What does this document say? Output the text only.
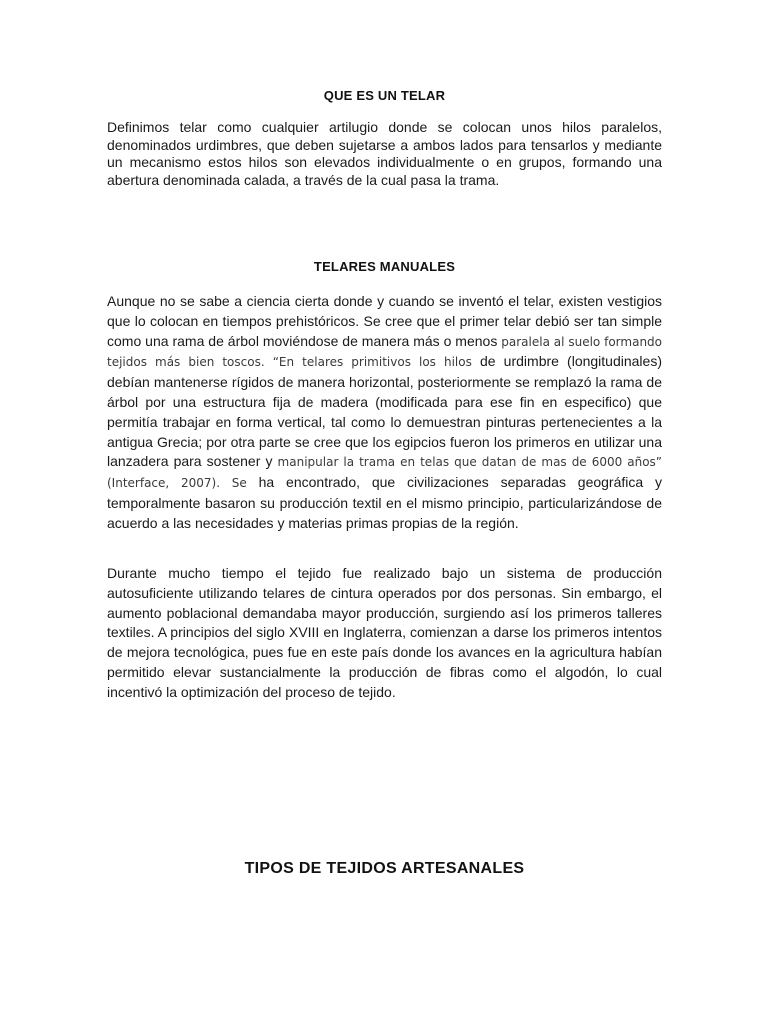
QUE ES UN TELAR
Definimos telar como cualquier artilugio donde se colocan unos hilos paralelos, denominados urdimbres, que deben sujetarse a ambos lados para tensarlos y mediante un mecanismo estos hilos son elevados individualmente o en grupos, formando una abertura denominada calada, a través de la cual pasa la trama.
TELARES MANUALES
Aunque no se sabe a ciencia cierta donde y cuando se inventó el telar, existen vestigios que lo colocan en tiempos prehistóricos. Se cree que el primer telar debió ser tan simple como una rama de árbol moviéndose de manera más o menos paralela al suelo formando tejidos más bien toscos. “En telares primitivos los hilos de urdimbre (longitudinales) debían mantenerse rígidos de manera horizontal, posteriormente se remplazó la rama de árbol por una estructura fija de madera (modificada para ese fin en especifico) que permitía trabajar en forma vertical, tal como lo demuestran pinturas pertenecientes a la antigua Grecia; por otra parte se cree que los egipcios fueron los primeros en utilizar una lanzadera para sostener y manipular la trama en telas que datan de mas de 6000 años” (Interface, 2007). Se ha encontrado, que civilizaciones separadas geográfica y temporalmente basaron su producción textil en el mismo principio, particularizándose de acuerdo a las necesidades y materias primas propias de la región.
Durante mucho tiempo el tejido fue realizado bajo un sistema de producción autosuficiente utilizando telares de cintura operados por dos personas. Sin embargo, el aumento poblacional demandaba mayor producción, surgiendo así los primeros talleres textiles. A principios del siglo XVIII en Inglaterra, comienzan a darse los primeros intentos de mejora tecnológica, pues fue en este país donde los avances en la agricultura habían permitido elevar sustancialmente la producción de fibras como el algodón, lo cual incentivó la optimización del proceso de tejido.
TIPOS DE TEJIDOS ARTESANALES
